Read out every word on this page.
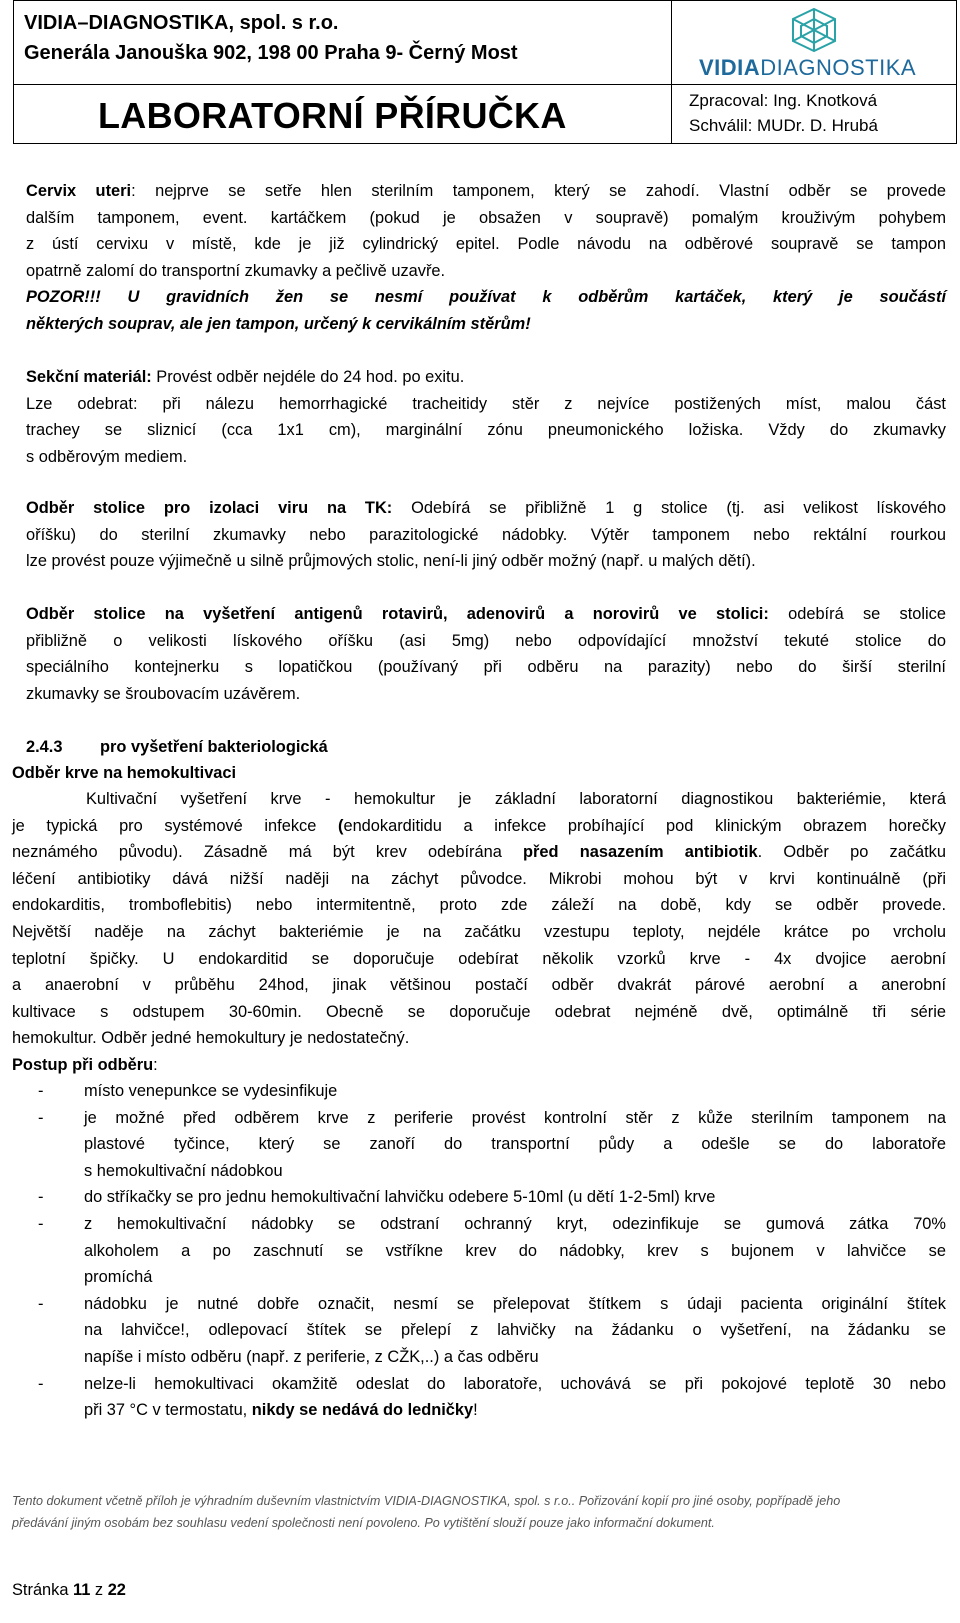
VIDIA–DIAGNOSTIKA, spol. s r.o.
Generála Janouška 902, 198 00 Praha 9- Černý Most
LABORATORNÍ PŘÍRUČKA
VIDIADIAGNOSTIKA
Zpracoval: Ing. Knotková
Schválil: MUDr. D. Hrubá
Cervix uteri: nejprve se setře hlen sterilním tamponem, který se zahodí. Vlastní odběr se provede
dalším tamponem, event. kartáčkem (pokud je obsažen v soupravě) pomalým krouživým pohybem
z ústí cervixu v místě, kde je již cylindrický epitel. Podle návodu na odběrové soupravě se tampon
opatrně zalomí do transportní zkumavky a pečlivě uzavře.
POZOR!!! U gravidních žen se nesmí používat k odběrům kartáček, který je součástí
některých souprav, ale jen tampon, určený k cervikálním stěrům!
Sekční materiál: Provést odběr nejdéle do 24 hod. po exitu.
Lze odebrat: při nálezu hemorrhagické tracheitidy stěr z nejvíce postižených míst, malou část
trachey se sliznicí (cca 1x1 cm), marginální zónu pneumonického ložiska. Vždy do zkumavky
s odběrovým mediem.
Odběr stolice pro izolaci viru na TK: Odebírá se přibližně 1 g stolice (tj. asi velikost lískového
oříšku) do sterilní zkumavky nebo parazitologické nádobky. Výtěr tamponem nebo rektální rourkou
lze provést pouze výjimečně u silně průjmových stolic, není-li jiný odběr možný (např. u malých dětí).
Odběr stolice na vyšetření antigenů rotavirů, adenovirů a norovirů ve stolici: odebírá se stolice
přibližně o velikosti lískového oříšku (asi 5mg) nebo odpovídající množství tekuté stolice do
speciálního kontejnerku s lopatičkou (používaný při odběru na parazity) nebo do širší sterilní
zkumavky se šroubovacím uzávěrem.
2.4.3 pro vyšetření bakteriologická
Odběr krve na hemokultivaci
Kultivační vyšetření krve - hemokultur je základní laboratorní diagnostikou bakteriémie, která
je typická pro systémové infekce (endokarditidu a infekce probíhající pod klinickým obrazem horečky
neznámého původu). Zásadně má být krev odebírána před nasazením antibiotik. Odběr po začátku
léčení antibiotiky dává nižší naději na záchyt původce. Mikrobi mohou být v krvi kontinuálně (při
endokarditis, tromboflebitis) nebo intermitentně, proto zde záleží na době, kdy se odběr provede.
Největší naděje na záchyt bakteriémie je na začátku vzestupu teploty, nejdéle krátce po vrcholu
teplotní špičky. U endokarditid se doporučuje odebírat několik vzorků krve - 4x dvojice aerobní
a anaerobní v průběhu 24hod, jinak většinou postačí odběr dvakrát párové aerobní a anerobní
kultivace s odstupem 30-60min. Obecně se doporučuje odebrat nejméně dvě, optimálně tři série
hemokultur. Odběr jedné hemokultury je nedostatečný.
Postup při odběru:
- místo venepunkce se vydesinfikuje
- je možné před odběrem krve z periferie provést kontrolní stěr z kůže sterilním tamponem na
plastové tyčince, který se zanoří do transportní půdy a odešle se do laboratoře
s hemokultivační nádobkou
- do stříkačky se pro jednu hemokultivační lahvičku odebere 5-10ml (u dětí 1-2-5ml) krve
- z hemokultivační nádobky se odstraní ochranný kryt, odezinfikuje se gumová zátka 70%
alkoholem a po zaschnutí se vstříkne krev do nádobky, krev s bujonem v lahvičce se
promíchá
- nádobku je nutné dobře označit, nesmí se přelepovat štítkem s údaji pacienta originální štítek
na lahvičce!, odlepovací štítek se přelepí z lahvičky na žádanku o vyšetření, na žádanku se
napíše i místo odběru (např. z periferie, z CŽK,..) a čas odběru
- nelze-li hemokultivaci okamžitě odeslat do laboratoře, uchovává se při pokojové teplotě 30 nebo
při 37 °C v termostatu, nikdy se nedává do ledničky!
Tento dokument včetně příloh je výhradním duševním vlastnictvím VIDIA-DIAGNOSTIKA, spol. s r.o.. Pořizování kopií pro jiné osoby, popřípadě jeho
předávání jiným osobám bez souhlasu vedení společnosti není povoleno. Po vytištění slouží pouze jako informační dokument.
Stránka 11 z 22
